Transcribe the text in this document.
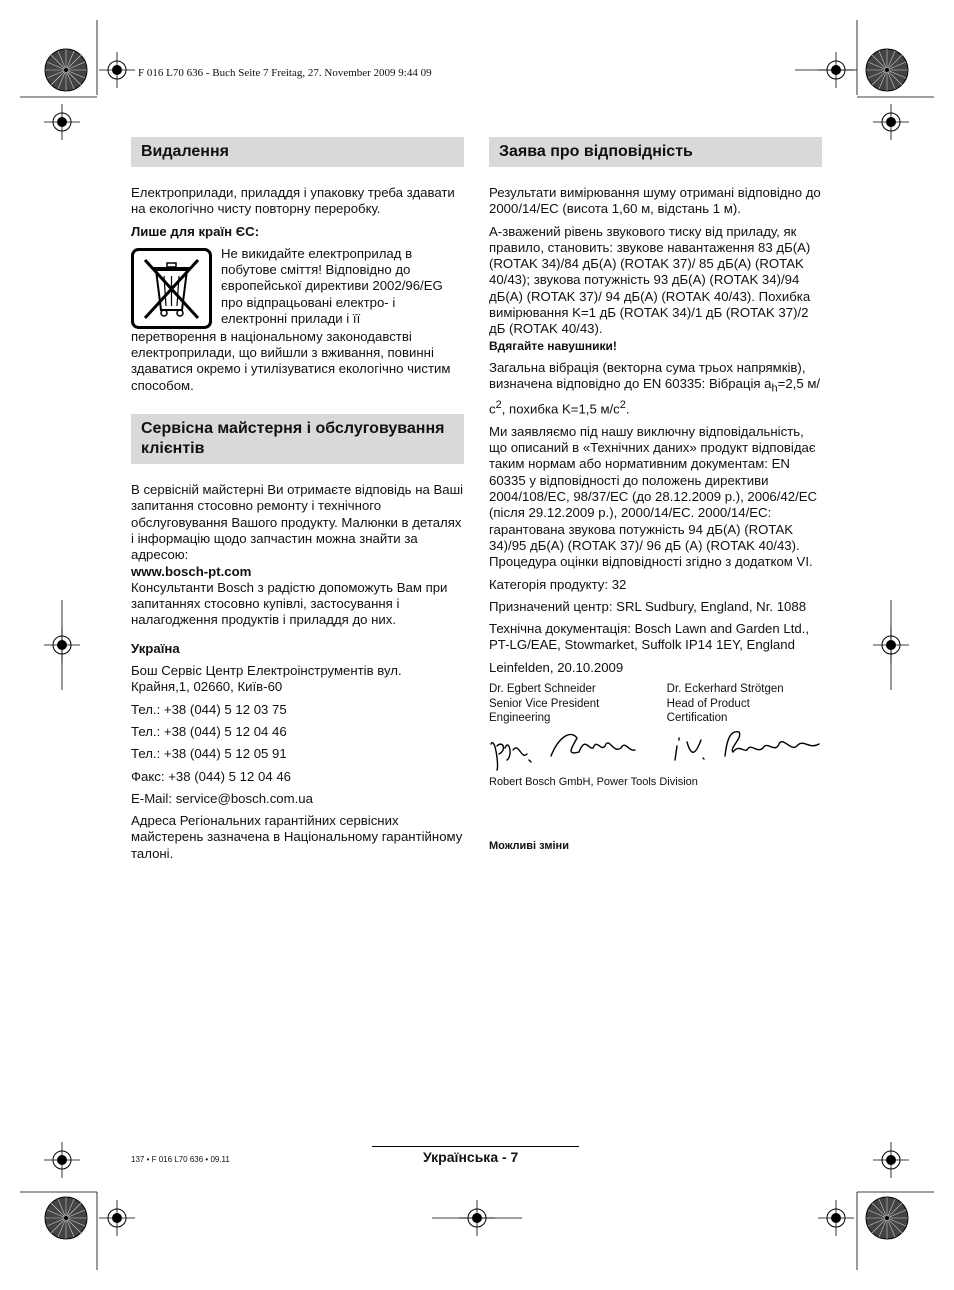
F 016 L70 636 - Buch Seite 7 Freitag, 27. November 2009 9:44 09
Видалення

Електроприлади, приладдя і упаковку треба здавати на екологічно чисту повторну переробку.

Лише для країн ЄС:

Не викидайте електроприлад в побутове сміття! Відповідно до європейської директиви 2002/96/EG про відпрацьовані електро- і електронні прилади і її

перетворення в національному законодавстві електроприлади, що вийшли з вживання, повинні здаватися окремо і утилізуватися екологічно чистим способом.

Сервісна майстерня і обслуговування клієнтів
В сервісній майстерні Ви отримаєте відповідь на Ваші запитання стосовно ремонту і технічного обслуговування Вашого продукту. Малюнки в деталях і інформацію щодо запчастин можна знайти за адресою:
www.bosch-pt.com

Консультанти Bosch з радістю допоможуть Вам при запитаннях стосовно купівлі, застосування і налагодження продуктів і приладдя до них.

Україна

Бош Сервіс Центр Електроінструментів вул. Крайня,1, 02660, Київ-60

Тел.: +38 (044) 5 12 03 75

Тел.: +38 (044) 5 12 04 46

Тел.: +38 (044) 5 12 05 91

Факс: +38 (044) 5 12 04 46

E-Mail: service@bosch.com.ua

Адреса Регіональних гарантійних сервісних майстерень зазначена в Національному гарантійному талоні.

Заява про відповідність

Результати вимірювання шуму отримані відповідно до 2000/14/EC (висота 1,60 м, відстань 1 м).

А-зважений рівень звукового тиску від приладу, як правило, становить: звукове навантаження 83 дБ(A) (ROTAK 34)/84 дБ(A) (ROTAK 37)/ 85 дБ(A) (ROTAK 40/43); звукова потужність 93 дБ(A) (ROTAK 34)/94 дБ(A) (ROTAK 37)/ 94 дБ(A) (ROTAK 40/43). Похибка вимірювання K=1 дБ (ROTAK 34)/1 дБ (ROTAK 37)/2 дБ (ROTAK 40/43).

Вдягайте навушники!

Загальна вібрація (векторна сума трьох напрямків), визначена відповідно до EN 60335: Вібрація $a_h=2,5$ $м/с^2$, похибка K=1,5 $м/с^2$.

Ми заявляємо під нашу виключну відповідальність, що описаний в «Технічних даних» продукт відповідає таким нормам або нормативним документам: EN 60335 у відповідності до положень директиви 2004/108/EC, 98/37/EC (до 28.12.2009 р.), 2006/42/EC (після 29.12.2009 р.), 2000/14/EC. 2000/14/EC: гарантована звукова потужність 94 дБ(A) (ROTAK 34)/95 дБ(A) (ROTAK 37)/ 96 дБ (A) (ROTAK 40/43).

Процедура оцінки відповідності згідно з додатком VI.

Категорія продукту: 32

Призначений центр: SRL Sudbury, England, Nr. 1088

Технічна документація: Bosch Lawn and Garden Ltd., PT-LG/EAE, Stowmarket, Suffolk IP14 1EY, England

Leinfelden, 20.10.2009

Dr. Egbert Schneider
Senior Vice President
Engineering
Dr. Eckerhard Strötgen
Head of Product
Certification

Robert Bosch GmbH, Power Tools Division

Можливі зміни

137 • F 016 L70 636 • 09.11	Українська - 7
